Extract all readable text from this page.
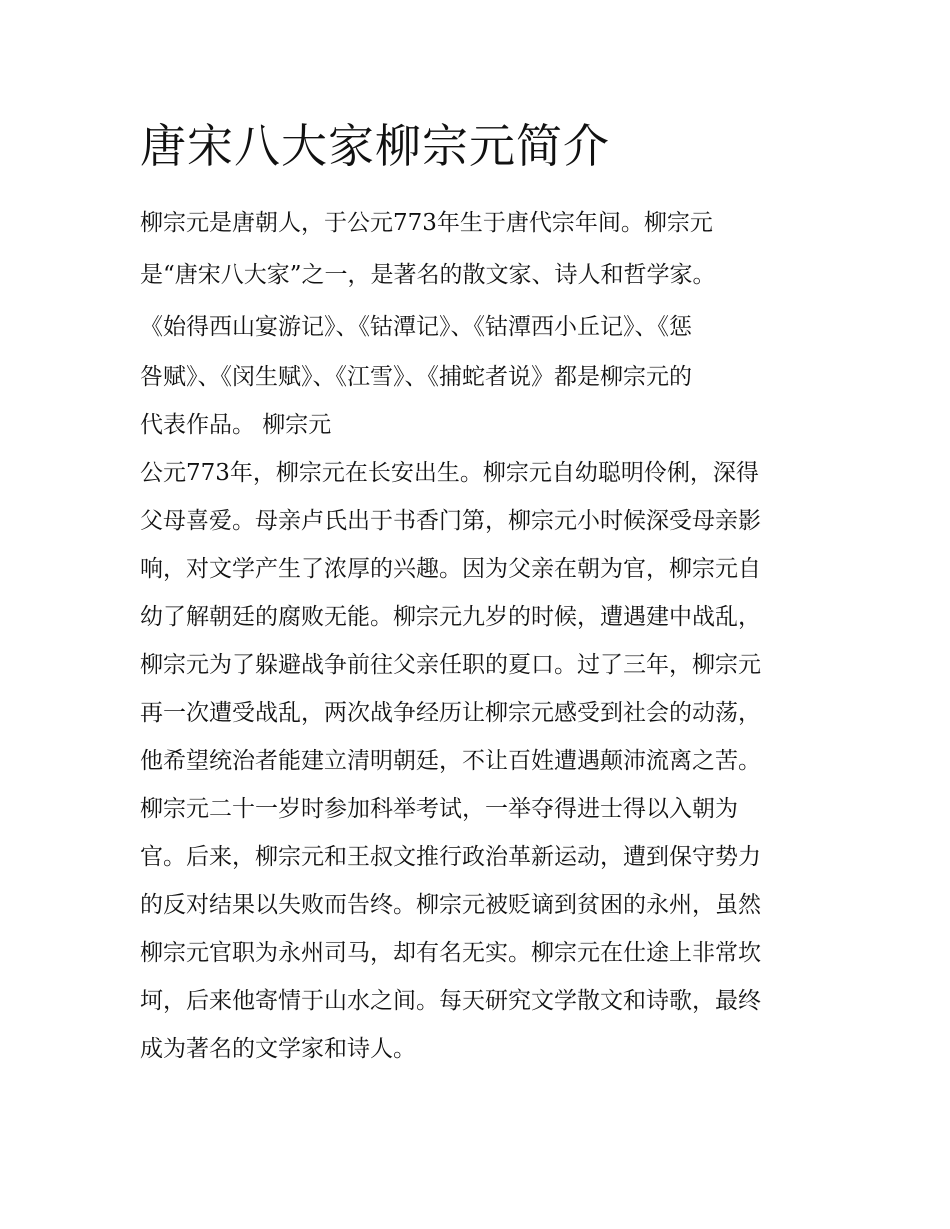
唐宋八大家柳宗元简介
柳宗元是唐朝人，于公元773年生于唐代宗年间。柳宗元
是“唐宋八大家”之一，是著名的散文家、诗人和哲学家。
《始得西山宴游记》、《钴潭记》、《钴潭西小丘记》、《惩
咎赋》、《闵生赋》、《江雪》、《捕蛇者说》都是柳宗元的
代表作品。 柳宗元
公元773年，柳宗元在长安出生。柳宗元自幼聪明伶俐，深得
父母喜爱。母亲卢氏出于书香门第，柳宗元小时候深受母亲影
响，对文学产生了浓厚的兴趣。因为父亲在朝为官，柳宗元自
幼了解朝廷的腐败无能。柳宗元九岁的时候，遭遇建中战乱，
柳宗元为了躲避战争前往父亲任职的夏口。过了三年，柳宗元
再一次遭受战乱，两次战争经历让柳宗元感受到社会的动荡，
他希望统治者能建立清明朝廷，不让百姓遭遇颠沛流离之苦。
柳宗元二十一岁时参加科举考试，一举夺得进士得以入朝为
官。后来，柳宗元和王叔文推行政治革新运动，遭到保守势力
的反对结果以失败而告终。柳宗元被贬谪到贫困的永州，虽然
柳宗元官职为永州司马，却有名无实。柳宗元在仕途上非常坎
坷，后来他寄情于山水之间。每天研究文学散文和诗歌，最终
成为著名的文学家和诗人。
